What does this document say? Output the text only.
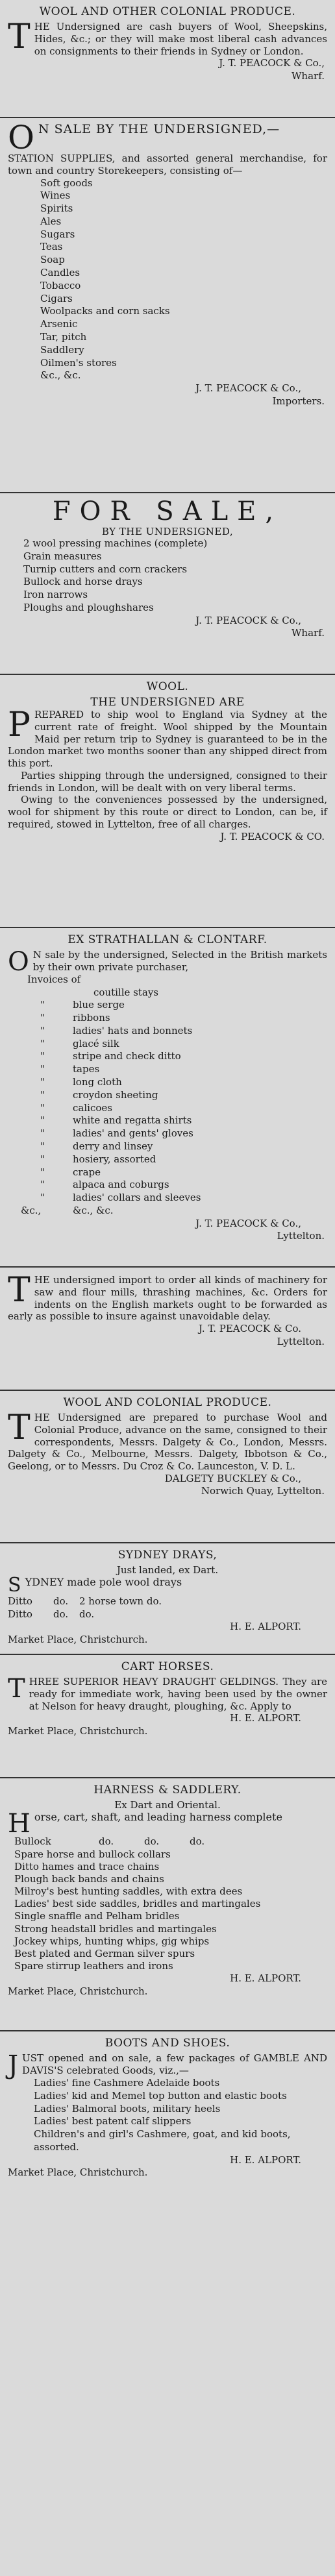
WOOL AND OTHER COLONIAL PRODUCE.

THE Undersigned are cash buyers of Wool, Sheepskins, Hides, &c.; or they will make most liberal cash advances on consignments to their friends in Sydney or London.

J. T. PEACOCK & Co.,
Wharf.
O N SALE BY THE UNDERSIGNED,—

STATION SUPPLIES, and assorted general merchandise, for town and country Storekeepers, consisting of—

Soft goods
Wines
Spirits
Ales
Sugars
Teas
Soap
Candles
Tobacco
Cigars
Woolpacks and corn sacks
Arsenic
Tar, pitch
Saddlery
Oilmen's stores
&c., &c.
J. T. PEACOCK & Co.,
Importers.
FOR SALE,
BY THE UNDERSIGNED,
2 wool pressing machines (complete)
Grain measures
Turnip cutters and corn crackers
Bullock and horse drays
Iron narrows
Ploughs and ploughshares
J. T. PEACOCK & Co.,
Wharf.
WOOL.
THE UNDERSIGNED ARE

PREPARED to ship wool to England via Sydney at the current rate of freight. Wool shipped by the Mountain Maid per return trip to Sydney is guaranteed to be in the London market two months sooner than any shipped direct from this port.

Parties shipping through the undersigned, consigned to their friends in London, will be dealt with on very liberal terms.

Owing to the conveniences possessed by the undersigned, wool for shipment by this route or direct to London, can be, if required, stowed in Lyttelton, free of all charges.

J. T. PEACOCK & CO.
EX STRATHALLAN & CLONTARF.

O N sale by the undersigned, Selected in the British markets by their own private purchaser,

Invoices of
coutille stays
"	blue serge
"	ribbons
"	ladies' hats and bonnets
"	glacé silk
"	stripe and check ditto
"	tapes
"	long cloth
"	croydon sheeting
"	calicoes
"	white and regatta shirts
"	ladies' and gents' gloves
"	derry and linsey
"	hosiery, assorted
"	crape
"	alpaca and coburgs
"	ladies' collars and sleeves
&c.,	&c., &c.
J. T. PEACOCK & Co.,
Lyttelton.

THE undersigned import to order all kinds of machinery for saw and flour mills, thrashing machines, &c. Orders for indents on the English markets ought to be forwarded as early as possible to insure against unavoidable delay.

J. T. PEACOCK & Co.
Lyttelton.
WOOL AND COLONIAL PRODUCE.

THE Undersigned are prepared to purchase Wool and Colonial Produce, advance on the same, consigned to their correspondents, Messrs. Dalgety & Co., London, Messrs. Dalgety & Co., Melbourne, Messrs. Dalgety, Ibbotson & Co., Geelong, or to Messrs. Du Croz & Co. Launceston, V. D. L.

DALGETY BUCKLEY & Co.,
Norwich Quay, Lyttelton.
SYDNEY DRAYS,
Just landed, ex Dart.
S YDNEY made pole wool drays
Ditto do. 2 horse town do.
Ditto do. do.
H. E. ALPORT.
Market Place, Christchurch.
CART HORSES.

THREE SUPERIOR HEAVY DRAUGHT GELDINGS. They are ready for immediate work, having been used by the owner at Nelson for heavy draught, ploughing, &c. Apply to

H. E. ALPORT.
Market Place, Christchurch.
HARNESS & SADDLERY.
Ex Dart and Oriental.

Horse, cart, shaft, and leading harness complete

Bullock	do.	do.	do.
Spare horse and bullock collars
Ditto hames and trace chains
Plough back bands and chains
Milroy's best hunting saddles, with extra dees
Ladies' best side saddles, bridles and martingales
Single snaffle and Pelham bridles
Strong headstall bridles and martingales
Jockey whips, hunting whips, gig whips
Best plated and German silver spurs
Spare stirrup leathers and irons
H. E. ALPORT.
Market Place, Christchurch.
BOOTS AND SHOES.

JUST opened and on sale, a few packages of GAMBLE AND DAVIS'S celebrated Goods, viz.,—

Ladies' fine Cashmere Adelaide boots
Ladies' kid and Memel top button and elastic boots
Ladies' Balmoral boots, military heels
Ladies' best patent calf slippers
Children's and girl's Cashmere, goat, and kid boots, assorted.
H. E. ALPORT.
Market Place, Christchurch.
